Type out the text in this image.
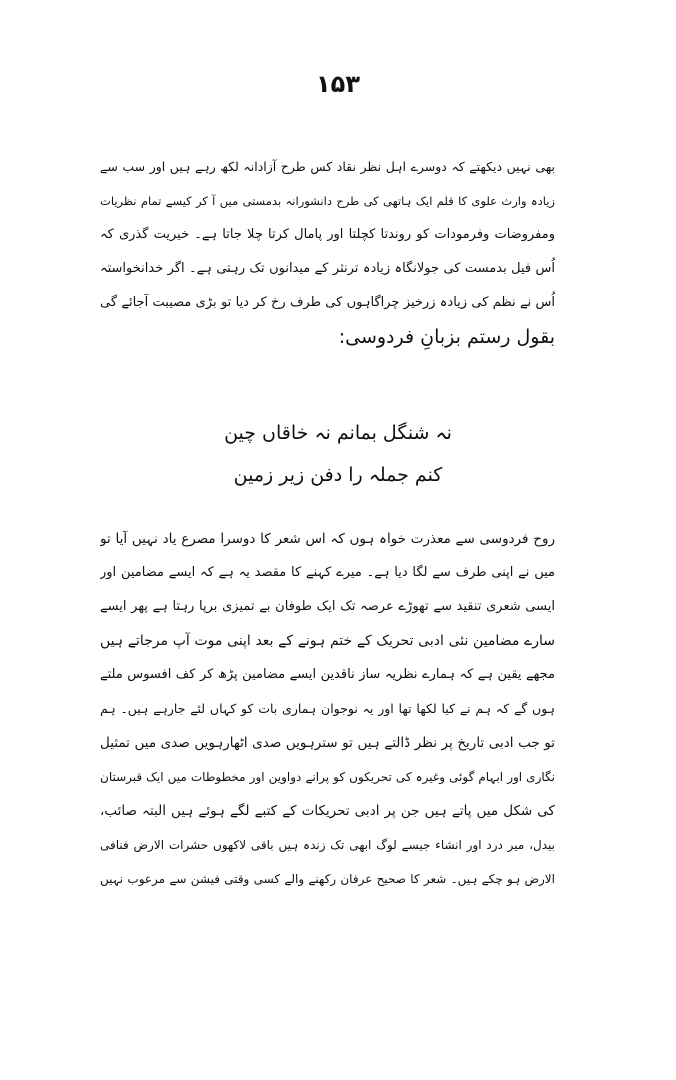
۱۵۳
بھی نہیں دیکھتے کہ دوسرے اہل نظر نقاد کس طرح آزادانہ لکھ رہے ہیں اور سب سے
زیادہ وارث علوی کا قلم ایک ہاتھی کی طرح دانشورانہ بدمستی میں آ کر کیسے تمام نظریات
ومفروضات وفرمودات کو روندتا کچلتا اور پامال کرتا چلا جاتا ہے۔ خیریت گذری کہ
اُس فیل بدمست کی جولانگاہ زیادہ ترنثر کے میدانوں تک رہتی ہے۔ اگر خدانخواستہ
اُس نے نظم کی زیادہ زرخیز چراگاہوں کی طرف رخ کر دیا تو بڑی مصیبت آجائے گی
بقول رستم بزبانِ فردوسی:
نہ شنگل بمانم نہ خاقاں چین
کنم جملہ را دفن زیر زمین
روح فردوسی سے معذرت خواہ ہوں کہ اس شعر کا دوسرا مصرع یاد نہیں آیا تو
میں نے اپنی طرف سے لگا دیا ہے۔ میرے کہنے کا مقصد یہ ہے کہ ایسے مضامین اور
ایسی شعری تنقید سے تھوڑے عرصہ تک ایک طوفان بے تمیزی برپا رہتا ہے پھر ایسے
سارے مضامین نئی ادبی تحریک کے ختم ہونے کے بعد اپنی موت آپ مرجاتے ہیں
مجھے یقین ہے کہ ہمارے نظریہ ساز ناقدین ایسے مضامین پڑھ کر کف افسوس ملتے
ہوں گے کہ ہم نے کیا لکھا تھا اور یہ نوجوان ہماری بات کو کہاں لئے جارہے ہیں۔ ہم
تو جب ادبی تاریخ پر نظر ڈالتے ہیں تو سترہویں صدی اٹھارہویں صدی میں تمثیل
نگاری اور ابہام گوئی وغیرہ کی تحریکوں کو پرانے دواوین اور مخطوطات میں ایک قبرستان
کی شکل میں پاتے ہیں جن پر ادبی تحریکات کے کتبے لگے ہوئے ہیں البتہ صائب،
بیدل، میر درد اور انشاء جیسے لوگ ابھی تک زندہ ہیں باقی لاکھوں حشرات الارض فنافی
الارض ہو چکے ہیں۔ شعر کا صحیح عرفان رکھنے والے کسی وقتی فیشن سے مرعوب نہیں
